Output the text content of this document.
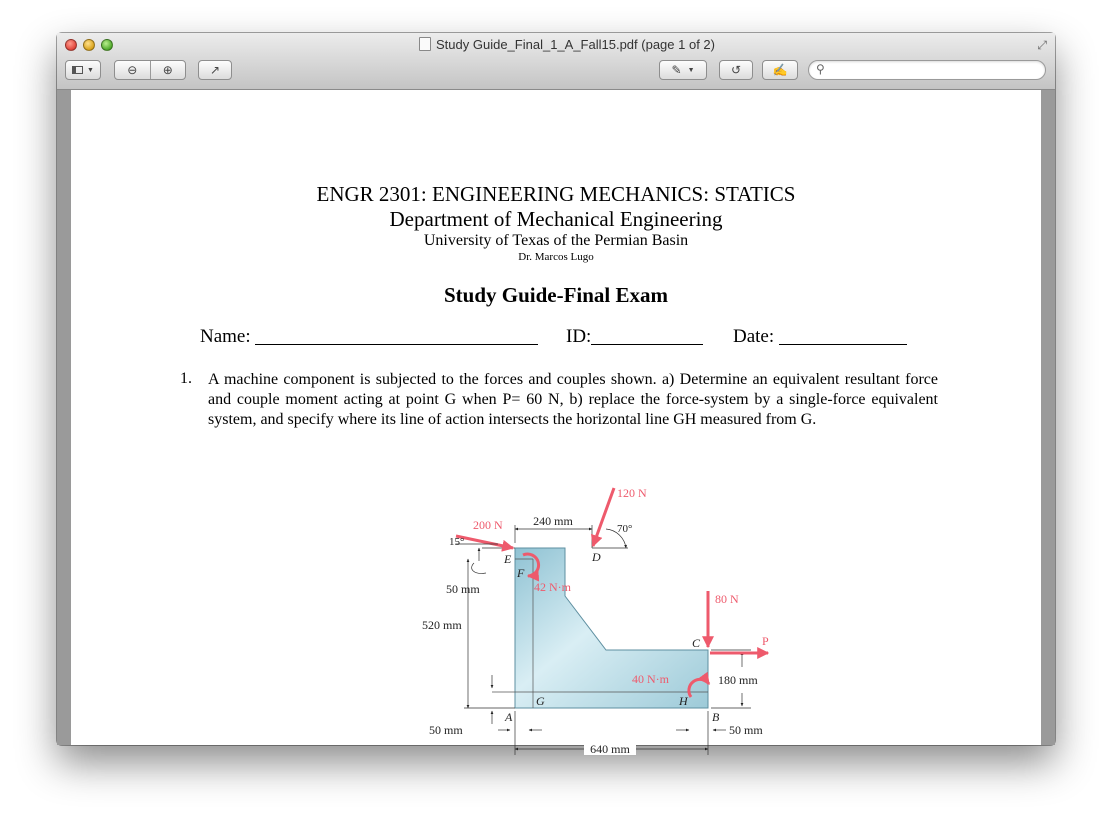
Study Guide_Final_1_A_Fall15.pdf (page 1 of 2)	⤢
▼	⊖	⊕	↗	✎ ▼	↺	✍ ⚲
ENGR 2301: ENGINEERING MECHANICS: STATICS
Department of Mechanical Engineering
University of Texas of the Permian Basin
Dr. Marcos Lugo
Study Guide-Final Exam
Name:	ID:	Date:
1. A machine component is subjected to the forces and couples shown. a) Determine an equivalent resultant force and couple moment acting at point G when P= 60 N, b) replace the force-system by a single-force equivalent system, and specify where its line of action intersects the horizontal line GH measured from G.
240 mm
520 mm
50 mm
50 mm
640 mm
50 mm
180 mm
200 N
15°
120 N
70°
80 N
P
42 N·m
40 N·m
E
F
D
C
G	H
A	B
